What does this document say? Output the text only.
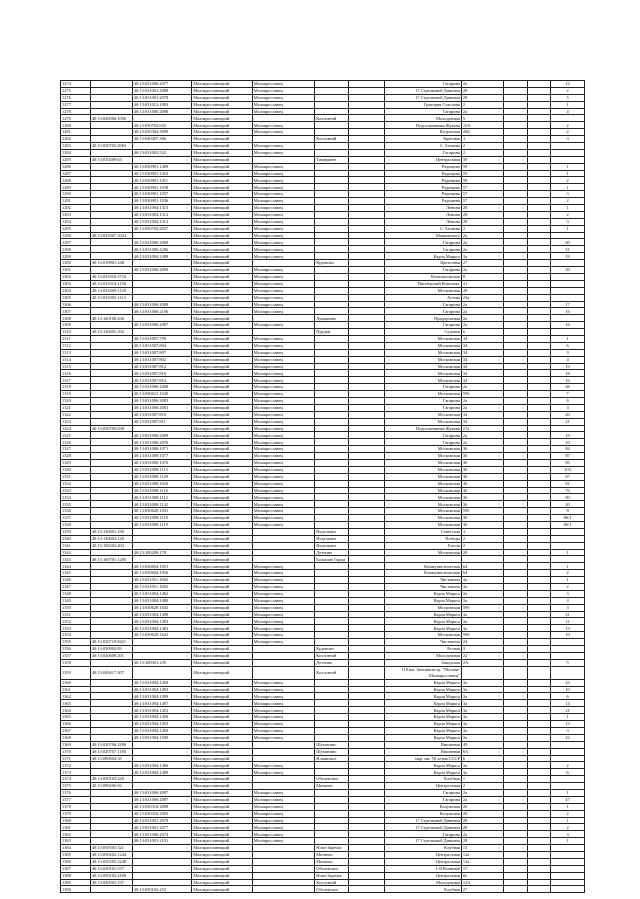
1274		40:13:031006:2077	Малоярославецкий	Малоярославец			Гагарина	2а			12
1275		40:13:031001:2088	Малоярославецкий	Малоярославец			17 Стрелковой Дивизии	28			2
1276		40:13:031001:2079	Малоярославецкий	Малоярославец			17 Стрелковой Дивизии	28			5
1277		40:13:031012:1093	Малоярославецкий	Малоярославец			Григория Соколова	2			1
1278		40:13:031006:2096	Малоярославецкий	Малоярославец			Гагарина	2а			4
1279	40:13:040506:1056		Малоярославецкий		Коллонтай		Молодежная	5			
1280		40:13:030702:632	Малоярославецкий	Малоярославец			Подполковника Жукова	10А			2
1281		40:13:030304:3099	Малоярославецкий	Малоярославец			Калужская	26Б			2
1282		40:13:040407:306	Малоярославецкий		Коллонтай		Заречная	3			3
1283	40:13:030702:2063		Малоярославецкий	Малоярославец			С. Беляева	2			
1284		40:13:031002:522	Малоярославецкий	Малоярославец			Гагарина	2			
1285	40:13:010209:63		Малоярославецкий		Тимирязев		Центральная	39			
1286		40:13:030901:1409	Малоярославецкий	Малоярославец			Радищева	59			1
1287		40:13:030901:1410	Малоярославецкий	Малоярославец			Радищева	59			1
1288		40:13:030901:1411	Малоярославецкий	Малоярославец			Радищева	59			2
1289		40:13:030901:1038	Малоярославецкий	Малоярославец			Радищева	57			1
1290		40:13:030901:1037	Малоярославецкий	Малоярославец			Радищева	57			3
1291		40:13:030901:1036	Малоярославецкий	Малоярославец			Радищева	57			2
1292		40:13:031004:1313	Малоярославецкий	Малоярославец			Ленина	28			1
1293		40:13:031004:1312	Малоярославецкий	Малоярославец			Ленина	28			2
1294		40:13:031004:1312	Малоярославецкий	Малоярославец			Ленина	28			3
1295		40:13:030702:2037	Малоярославецкий	Малоярославец			С. Беляева	2			1
1296	40:13:031007:2024		Малоярославецкий	Малоярославец			Маяковского	2а			
1297		40:13:031006:2069	Малоярославецкий	Малоярославец			Гагарина	2а			49
1298		40:13:031006:2286	Малоярославецкий	Малоярославец			Гагарина	2а			51
1299		40:13:031004:1488	Малоярославецкий	Малоярославец			Карла Маркса	3а			19
1300	40:13:010901:248		Малоярославецкий		Куденово		Цветочная	27			
1301		40:13:031006:2090	Малоярославецкий	Малоярославец			Гагарина	2а			20
1302	40:13:031016:2716		Малоярославецкий	Малоярославец			Комсомольская	8			
1303	40:13:031014:1156		Малоярославецкий	Малоярославец			Пионерский Комплекс	31			
1304	40:13:031009:1120		Малоярославецкий	Малоярославец			Московская	28			
1305	40:13:031005:1113		Малоярославецкий	Малоярославец			Агеева	23а			
1306		40:13:031006:2088	Малоярославецкий	Малоярославец			Гагарина	2а			17
1307		40:13:031006:2106	Малоярославецкий	Малоярославец			Гагарина	2а			16
1308	40:13:160106:436		Малоярославецкий		Лукьяново		Придорожная	2а			
1309		40:13:031006:2097	Малоярославецкий	Малоярославец			Гагарина	2а			16
1310	40:13:130401:202		Малоярославецкий		Прудки		Садовая	6			
1311		40:13:031007:799	Малоярославецкий	Малоярославец			Московская	34			1
1312		40:13:031007:804	Малоярославецкий	Малоярославец			Московская	34			6
1313		40:13:031007:807	Малоярославецкий	Малоярославец			Московская	34			9
1314		40:13:031007:802	Малоярославецкий	Малоярославец			Московская	34			4
1315		40:13:031007:812	Малоярославецкий	Малоярославец			Московская	34			19
1316		40:13:031007:816	Малоярославецкий	Малоярославец			Московская	34			18
1317		40:13:031007:814	Малоярославецкий	Малоярославец			Московская	34			16
1318		40:13:031006:2408	Малоярославецкий	Малоярославец			Гагарина	2а			48
1319		40:13:030621:1040	Малоярославецкий	Малоярославец			Московская	59б			7
1320		40:13:031006:2083	Малоярославецкий	Малоярославец			Гагарина	2а			6
1321		40:13:031006:2081	Малоярославецкий	Малоярославец			Гагарина	2а			3
1322		40:13:031007:810	Малоярославецкий	Малоярославец			Московская	34			20
1323		40:13:031007:811	Малоярославецкий	Малоярославец			Московская	34			21
1324	40:13:030705:638		Малоярославецкий	Малоярославец			Подполковника Жукова	27а			
1325		40:13:031006:2099	Малоярославецкий	Малоярославец			Гагарина	2а			19
1326		40:13:031006:2076	Малоярославецкий	Малоярославец			Гагарина	2а			10
1327		40:13:031008:1071	Малоярославецкий	Малоярославец			Московская	36			84
1328		40:13:031008:1077	Малоярославецкий	Малоярославец			Московская	36			87
1329		40:13:031008:1076	Малоярославецкий	Малоярославец			Московская	36			85
1330		40:13:031008:1113	Малоярославецкий	Малоярославец			Московская	36			103
1331		40:13:031008:1129	Малоярославецкий	Малоярославец			Московская	36			67
1332		40:13:031008:1020	Малоярославецкий	Малоярославец			Московская	36			81
1333		40:13:031008:1116	Малоярославецкий	Малоярославец			Московская	36			76
1334		40:13:031008:1112	Малоярославецкий	Малоярославец			Московская	36			90
1335		40:13:031008:1142	Малоярославецкий	Малоярославец			Московская	36			20
1336		40:13:030620:1041	Малоярославецкий	Малоярославец			Московская	59б			8
1337		40:13:031008:1118	Малоярославецкий	Малоярославец			Московская	36			86/1
1338		40:13:031008:1119	Малоярославецкий	Малоярославец			Московская	36			86/1
1339	40:13:130601:196		Малоярославецкий		Недельное		Советская	3			
1340	40:13:130602:128		Малоярославецкий		Недельное		Победы	2			
1341	40:13:100202:404		Малоярославецкий		Недельное		Гоголя	2			
1342		40:13:100209:178	Малоярославецкий		Детчино		Московская	20			1
1343	40:13:160701:1205		Малоярославецкий		Большие Горки						
1344		40:13:030604:1051	Малоярославецкий	Малоярославец			Коммунистическая	64			1
1345		40:13:030604:1056	Малоярославецкий	Малоярославец			Коммунистическая	64			2
1346		40:13:031011:1682	Малоярославецкий	Малоярославец			Чистовича	3а			1
1347		40:13:031011:1683	Малоярославецкий	Малоярославец			Чистовича	3а			2
1348		40:13:031004:1482	Малоярославецкий	Малоярославец			Карла Маркса	3а			3
1349		40:13:031004:1480	Малоярославецкий	Малоярославец			Карла Маркса	3а			4
1350		40:13:030620:1645	Малоярославецкий	Малоярославец			Московская	59б			3
1351		40:13:031004:1490	Малоярославецкий	Малоярославец			Карла Маркса	3а			21
1352		40:13:031004:1493	Малоярославецкий	Малоярославец			Карла Маркса	3а			11
1353		40:13:031004:1483	Малоярославецкий	Малоярославец			Карла Маркса	3а			13
1354		40:13:030620:1642	Малоярославецкий	Малоярославец			Московская	59б			10
1355	40:13:030710:8421		Малоярославецкий	Малоярославец			Чистовича	24			
1356	40:13:030902:83		Малоярославецкий		Куденово		Лесная	3			
1357	40:13:040608:201		Малоярославецкий		Коллонтай		Молодежная	22			
1358		40:13:100301:235	Малоярославецкий		Детчино		Заводская	2А			5
1359	40:13:040417:307		Малоярославецкий		Коллонтай		119 км. Автомагистр. "Москва-Малоярославец"				
1360		40:13:031004:1458	Малоярославецкий	Малоярославец			Карла Маркса	3а			23
1361		40:13:031004:1493	Малоярославецкий	Малоярославец			Карла Маркса	3а			10
1362		40:13:031004:1499	Малоярославецкий	Малоярославец			Карла Маркса	3а			6
1363		40:13:031004:1497	Малоярославецкий	Малоярославец			Карла Маркса	3а			14
1364		40:13:031004:1452	Малоярославецкий	Малоярославец			Карла Маркса	3а			21
1365		40:13:031004:1456	Малоярославецкий	Малоярославец			Карла Маркса	3а			1
1366		40:13:031004:1455	Малоярославецкий	Малоярославец			Карла Маркса	3а			13
1367		40:13:031004:1450	Малоярославецкий	Малоярославец			Карла Маркса	3а			3
1368		40:13:031004:1500	Малоярославецкий	Малоярославец			Карла Маркса	3а			22
1369	40:13:020706:2296		Малоярославецкий		Шумятино		Вишневая	49			
1370	40:13:020707:1183		Малоярославецкий		Шумятино		Вишневая	6А			
1371	40:13:080604:35		Малоярославецкий		Ильинское		мкр. им. 50 летия СССР	6			
1372		40:13:031004:1496	Малоярославецкий	Малоярославец			Карла Маркса	3а			2
1373		40:13:031004:1489	Малоярославецкий	Малоярославец			Карла Маркса	3а			6
1374	40:13:050103:328		Малоярославецкий		Оболенское		Клубная	1			
1375	40:13:090206:82		Малоярославецкий		Митяево		Центральная	2			
1376		40:13:031006:2097	Малоярославецкий	Малоярославец			Гагарина	2а			1
1377		40:13:031006:2087	Малоярославецкий	Малоярославец			Гагарина	2а			47
1378		40:13:030316:2098	Малоярославецкий	Малоярославец			Калужская	20			1
1379		40:13:030316:2095	Малоярославецкий	Малоярославец			Калужская	20			2
1380		40:13:031001:2079	Малоярославецкий	Малоярославец			17 Стрелковой Дивизии	28			1
1381		40:13:031001:2077	Малоярославецкий	Малоярославец			17 Стрелковой Дивизии	28			2
1382		40:13:031006:2074	Малоярославецкий	Малоярославец			Гагарина	2а			3
1383		40:13:031001:2101	Малоярославецкий	Малоярославец			17 Стрелковой Дивизии	28			1
1384	40:13:050503:321		Малоярославецкий		Ново-Заречье		Клубная	13			
1385	40:13:050202:1244		Малоярославецкий		Митяево		Центральная	12а			
1386	40:13:050205:2248		Малоярославецкий		Митяево		Центральная	12а			
1387	40:13:030101:537		Малоярославецкий		Оболенское		1-й Военный	17			
1388	40:13:050102:2169		Малоярославецкий		Ново-Заречье		Центральная	8а			
1389	40:13:040505:197		Малоярославецкий		Коллонтай		Молодежная	12А			
1390		40:13:050102:252	Малоярославецкий		Оболенское		Клубная	27			
